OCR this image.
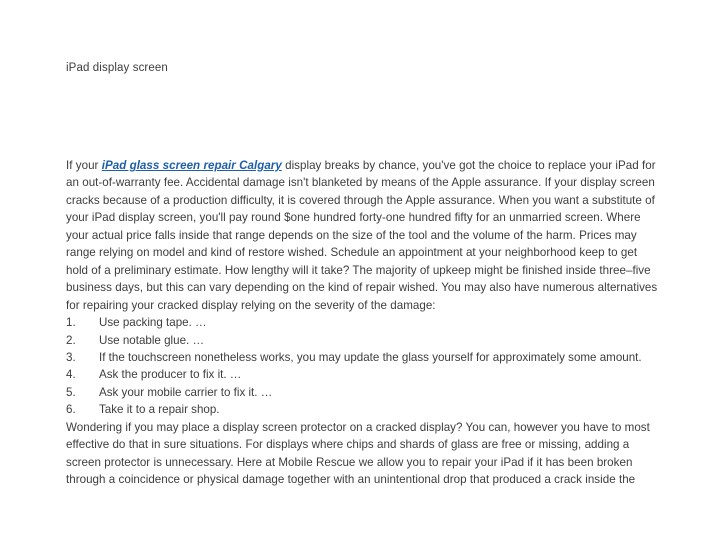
iPad display screen

If your iPad glass screen repair Calgary display breaks by chance, you've got the choice to replace your iPad for an out-of-warranty fee. Accidental damage isn't blanketed by means of the Apple assurance. If your display screen cracks because of a production difficulty, it is covered through the Apple assurance. When you want a substitute of your iPad display screen, you'll pay round $one hundred forty-one hundred fifty for an unmarried screen. Where your actual price falls inside that range depends on the size of the tool and the volume of the harm. Prices may range relying on model and kind of restore wished. Schedule an appointment at your neighborhood keep to get hold of a preliminary estimate. How lengthy will it take? The majority of upkeep might be finished inside three–five business days, but this can vary depending on the kind of repair wished. You may also have numerous alternatives for repairing your cracked display relying on the severity of the damage:

1. Use packing tape. …
2. Use notable glue. …
3. If the touchscreen nonetheless works, you may update the glass yourself for approximately some amount.
4. Ask the producer to fix it. …
5. Ask your mobile carrier to fix it. …
6. Take it to a repair shop.

Wondering if you may place a display screen protector on a cracked display? You can, however you have to most effective do that in sure situations. For displays where chips and shards of glass are free or missing, adding a screen protector is unnecessary. Here at Mobile Rescue we allow you to repair your iPad if it has been broken through a coincidence or physical damage together with an unintentional drop that produced a crack inside the
